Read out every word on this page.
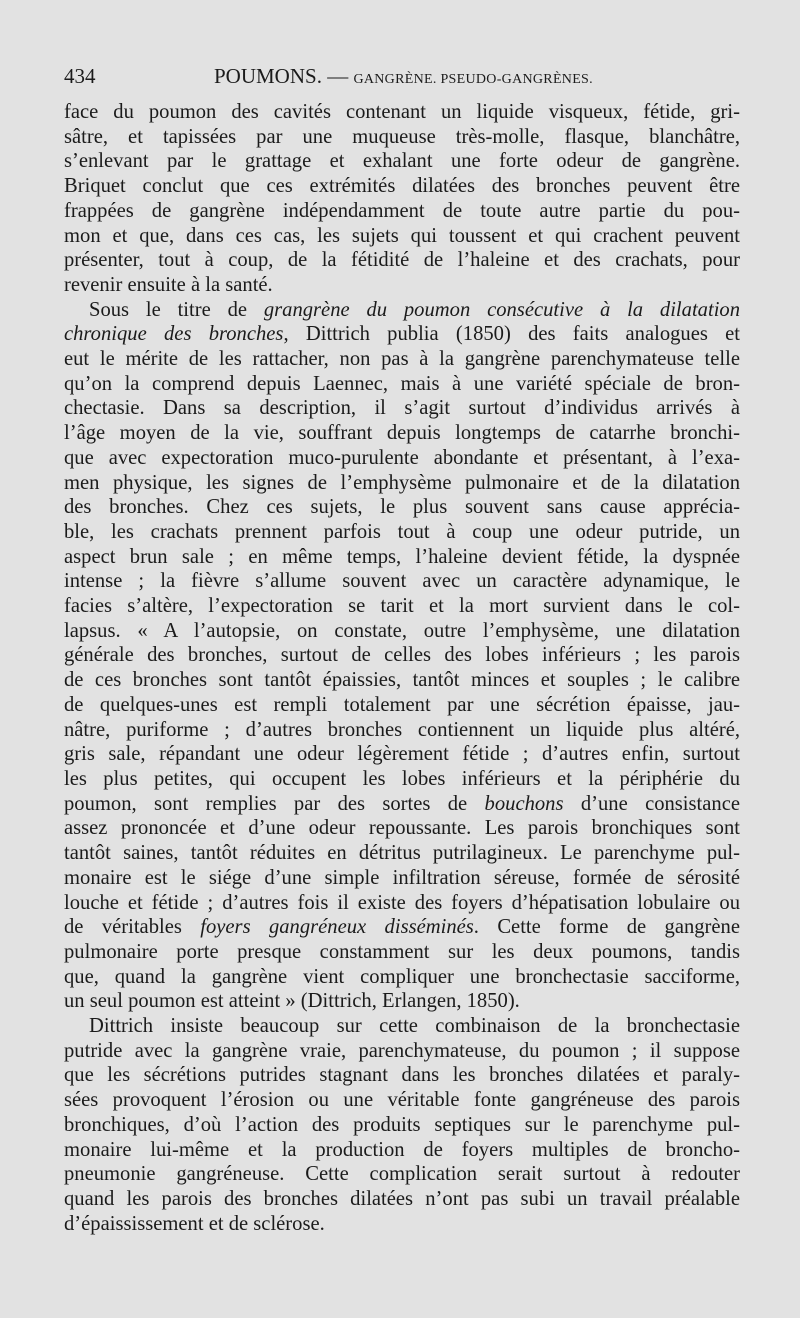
434	POUMONS. — GANGRÈNE. PSEUDO-GANGRÈNES.

face du poumon des cavités contenant un liquide visqueux, fétide, gri-
sâtre, et tapissées par une muqueuse très-molle, flasque, blanchâtre,
s’enlevant par le grattage et exhalant une forte odeur de gangrène.
Briquet conclut que ces extrémités dilatées des bronches peuvent être
frappées de gangrène indépendamment de toute autre partie du pou-
mon et que, dans ces cas, les sujets qui toussent et qui crachent peuvent
présenter, tout à coup, de la fétidité de l’haleine et des crachats, pour
revenir ensuite à la santé.

Sous le titre de grangrène du poumon consécutive à la dilatation
chronique des bronches, Dittrich publia (1850) des faits analogues et
eut le mérite de les rattacher, non pas à la gangrène parenchymateuse telle
qu’on la comprend depuis Laennec, mais à une variété spéciale de bron-
chectasie. Dans sa description, il s’agit surtout d’individus arrivés à
l’âge moyen de la vie, souffrant depuis longtemps de catarrhe bronchi-
que avec expectoration muco-purulente abondante et présentant, à l’exa-
men physique, les signes de l’emphysème pulmonaire et de la dilatation
des bronches. Chez ces sujets, le plus souvent sans cause apprécia-
ble, les crachats prennent parfois tout à coup une odeur putride, un
aspect brun sale ; en même temps, l’haleine devient fétide, la dyspnée
intense ; la fièvre s’allume souvent avec un caractère adynamique, le
facies s’altère, l’expectoration se tarit et la mort survient dans le col-
lapsus. « A l’autopsie, on constate, outre l’emphysème, une dilatation
générale des bronches, surtout de celles des lobes inférieurs ; les parois
de ces bronches sont tantôt épaissies, tantôt minces et souples ; le calibre
de quelques-unes est rempli totalement par une sécrétion épaisse, jau-
nâtre, puriforme ; d’autres bronches contiennent un liquide plus altéré,
gris sale, répandant une odeur légèrement fétide ; d’autres enfin, surtout
les plus petites, qui occupent les lobes inférieurs et la périphérie du
poumon, sont remplies par des sortes de bouchons d’une consistance
assez prononcée et d’une odeur repoussante. Les parois bronchiques sont
tantôt saines, tantôt réduites en détritus putrilagineux. Le parenchyme pul-
monaire est le siége d’une simple infiltration séreuse, formée de sérosité
louche et fétide ; d’autres fois il existe des foyers d’hépatisation lobulaire ou
de véritables foyers gangréneux disséminés. Cette forme de gangrène
pulmonaire porte presque constamment sur les deux poumons, tandis
que, quand la gangrène vient compliquer une bronchectasie sacciforme,
un seul poumon est atteint » (Dittrich, Erlangen, 1850).

Dittrich insiste beaucoup sur cette combinaison de la bronchectasie
putride avec la gangrène vraie, parenchymateuse, du poumon ; il suppose
que les sécrétions putrides stagnant dans les bronches dilatées et paraly-
sées provoquent l’érosion ou une véritable fonte gangréneuse des parois
bronchiques, d’où l’action des produits septiques sur le parenchyme pul-
monaire lui-même et la production de foyers multiples de broncho-
pneumonie gangréneuse. Cette complication serait surtout à redouter
quand les parois des bronches dilatées n’ont pas subi un travail préalable
d’épaississement et de sclérose.
